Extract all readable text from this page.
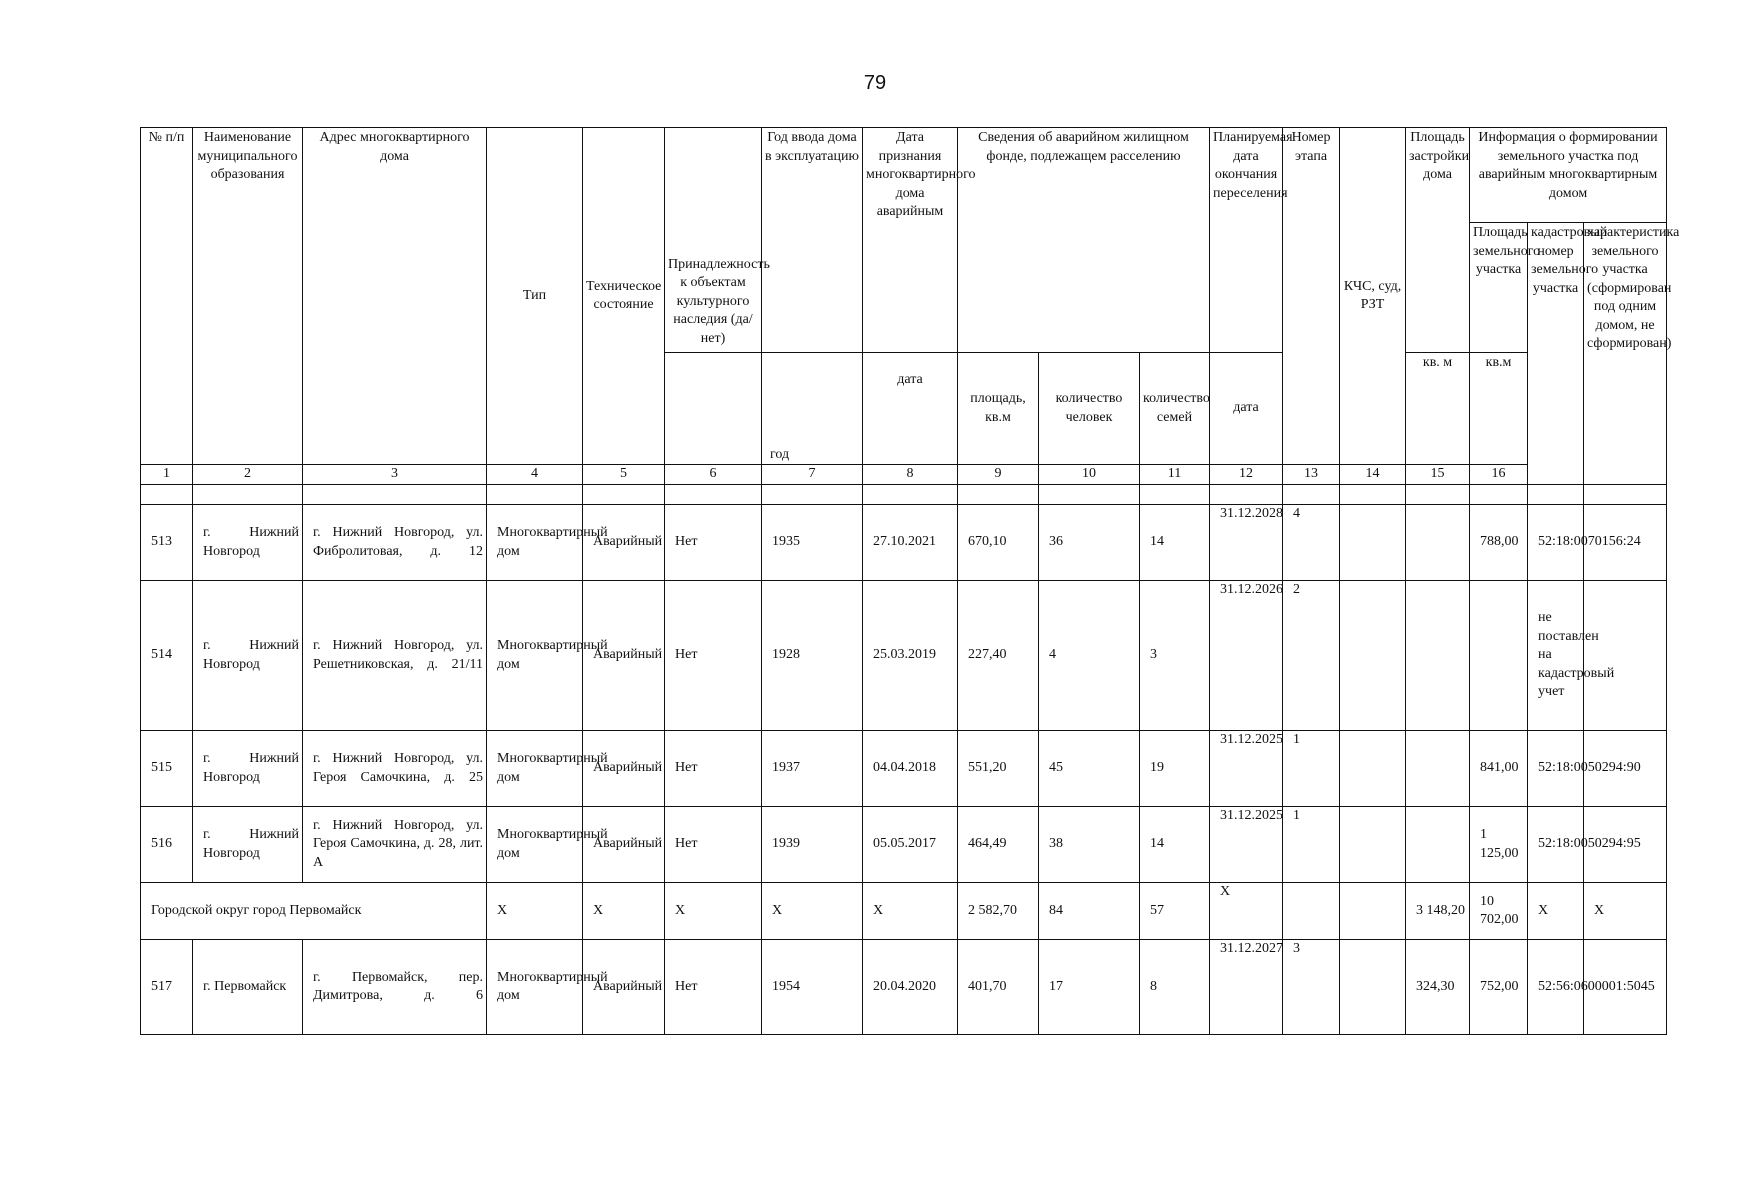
79
№ п/п	Наименование муниципального образования	Адрес многоквартирного дома	Тип	Техническое состояние	Принадлежность к объектам культурного наследия (да/нет)	Год ввода дома в эксплуатацию	Дата признания многоквартирного дома аварийным	Сведения об аварийном жилищном фонде, подлежащем расселению			Планируемая дата окончания переселения	Номер этапа	КЧС, суд, РЗТ	Площадь застройки дома	Информация о формировании земельного участка под аварийным многоквартирным домом			
															Площадь земельного участка	кадастровый номер земельного участка	характеристика земельного участка (сформирован под одним домом, не сформирован)	
						год	дата	площадь, кв.м	количество человек	количество семей	дата			кв. м	кв.м			
1	2	3	4	5	6	7	8	9	10	11	12	13	14	15	16		

513	г. Нижний Новгород	г. Нижний Новгород, ул. Фибролитовая, д. 12	Многоквартирный дом	Аварийный	Нет	1935	27.10.2021	670,10	36	14	31.12.2028	4			788,00	52:18:0070156:24		
514	г. Нижний Новгород	г. Нижний Новгород, ул. Решетниковская, д. 21/11	Многоквартирный дом	Аварийный	Нет	1928	25.03.2019	227,40	4	3	31.12.2026	2				не поставлен на кадастровый учет		
515	г. Нижний Новгород	г. Нижний Новгород, ул. Героя Самочкина, д. 25	Многоквартирный дом	Аварийный	Нет	1937	04.04.2018	551,20	45	19	31.12.2025	1			841,00	52:18:0050294:90		
516	г. Нижний Новгород	г. Нижний Новгород, ул. Героя Самочкина, д. 28, лит. А	Многоквартирный дом	Аварийный	Нет	1939	05.05.2017	464,49	38	14	31.12.2025	1			1 125,00	52:18:0050294:95		
Городской округ город Первомайск			X	X	X	X	X	2 582,70	84	57	X			3 148,20	10 702,00	X	X	
517	г. Первомайск	г. Первомайск, пер. Димитрова, д. 6	Многоквартирный дом	Аварийный	Нет	1954	20.04.2020	401,70	17	8	31.12.2027	3		324,30	752,00	52:56:0600001:5045		
